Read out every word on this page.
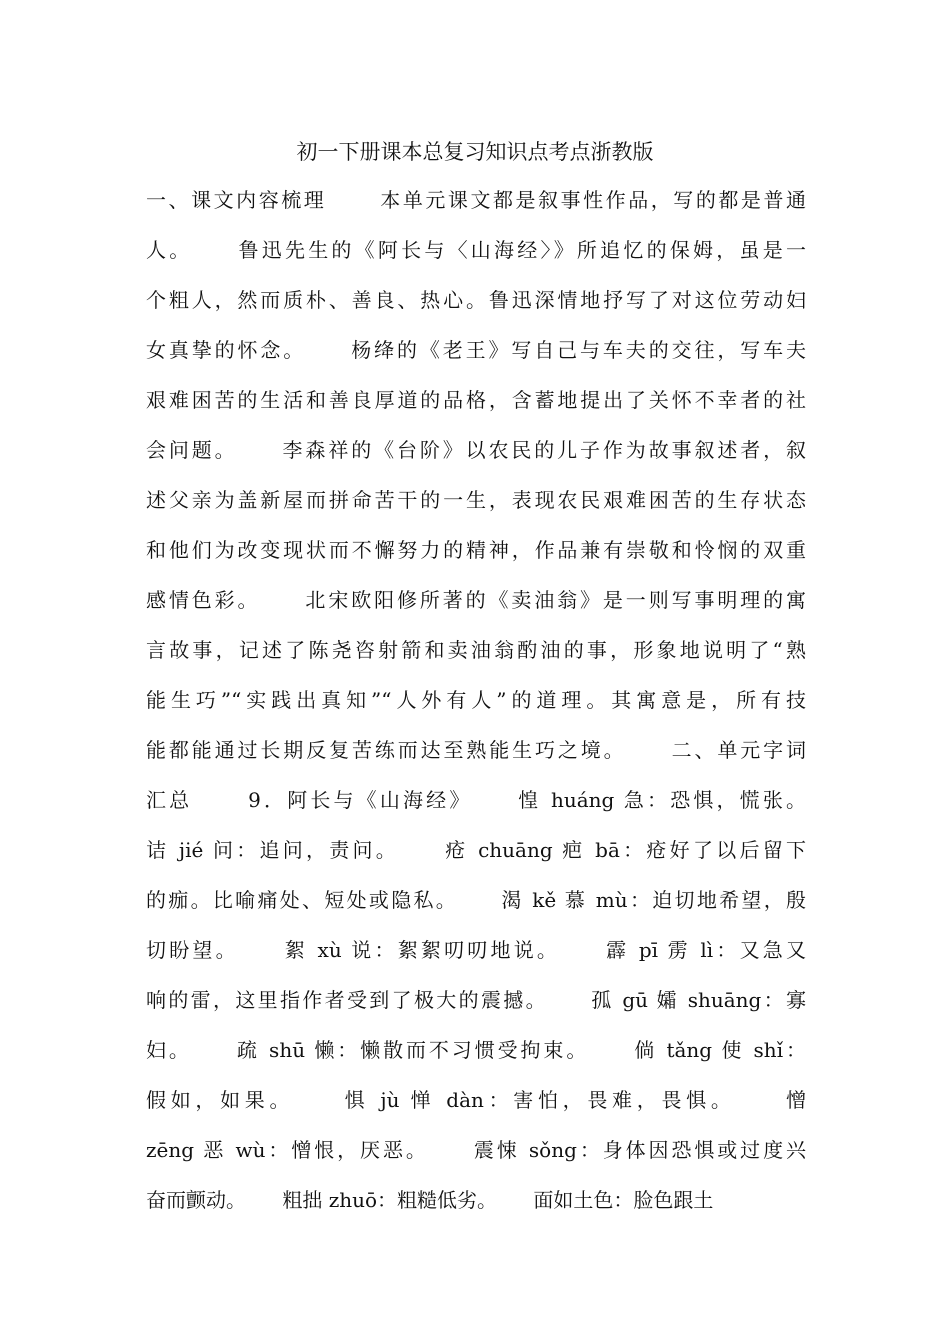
初一下册课本总复习知识点考点浙教版
一、课文内容梳理　　 本单元课文都是叙事性作品，写的都是普通
人。　　 鲁迅先生的《阿长与〈山海经〉》所追忆的保姆，虽是一
个粗人，然而质朴、善良、热心。鲁迅深情地抒写了对这位劳动妇
女真挚的怀念。　　 杨绛的《老王》写自己与车夫的交往，写车夫
艰难困苦的生活和善良厚道的品格，含蓄地提出了关怀不幸者的社
会问题。　　 李森祥的《台阶》以农民的儿子作为故事叙述者，叙
述父亲为盖新屋而拼命苦干的一生，表现农民艰难困苦的生存状态
和他们为改变现状而不懈努力的精神，作品兼有崇敬和怜悯的双重
感情色彩。　　 北宋欧阳修所著的《卖油翁》是一则写事明理的寓
言故事，记述了陈尧咨射箭和卖油翁酌油的事，形象地说明了“熟
能生巧”“实践出真知”“人外有人”的道理。其寓意是，所有技
能都能通过长期反复苦练而达至熟能生巧之境。　　 二、单元字词
汇总　　 9．阿长与《山海经》　　 惶 huáng 急：恐惧，慌张。
诘 jié 问：追问，责问。　　 疮 chuāng 疤 bā：疮好了以后留下
的痂。比喻痛处、短处或隐私。　　 渴 kě 慕 mù：迫切地希望，殷
切盼望。　　 絮 xù 说：絮絮叨叨地说。　　 霹 pī 雳 lì：又急又
响的雷，这里指作者受到了极大的震撼。　　 孤 gū 孀 shuāng：寡
妇。　　 疏 shū 懒：懒散而不习惯受拘束。　　 倘 tǎng 使 shǐ：
假如，如果。　　 惧 jù 惮 dàn：害怕，畏难，畏惧。　　 憎
zēng 恶 wù：憎恨，厌恶。　　 震悚 sǒng：身体因恐惧或过度兴
奋而颤动。　　 粗拙 zhuō：粗糙低劣。　　 面如土色：脸色跟土
